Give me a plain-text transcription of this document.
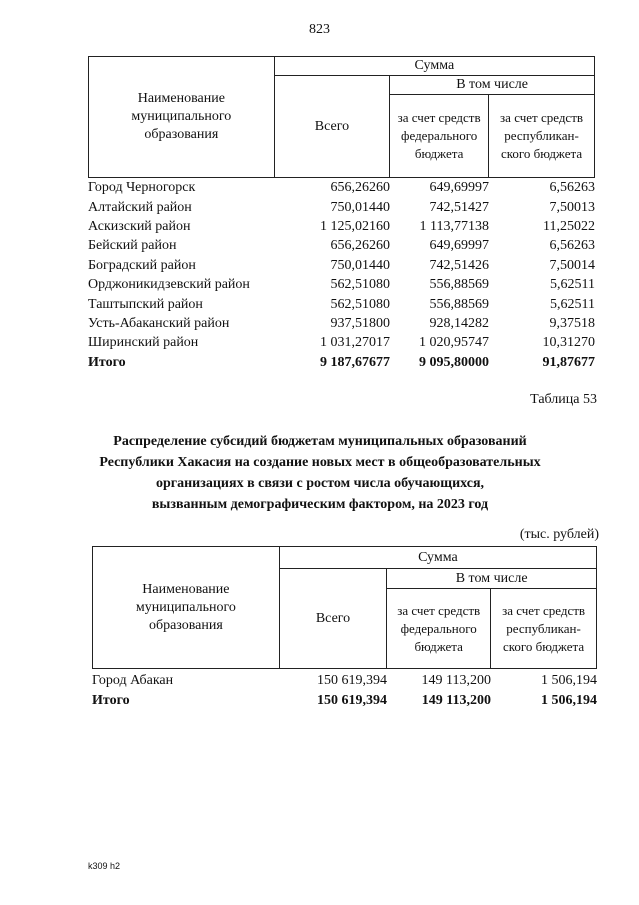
823
Наименование муниципального образования	Сумма		
	Всего	В том числе	
		за счет средств федерального бюджета	за счет средств республикан-ского бюджета
Город Черногорск	656,26260	649,69997	6,56263
Алтайский район	750,01440	742,51427	7,50013
Аскизский район	1 125,02160	1 113,77138	11,25022
Бейский район	656,26260	649,69997	6,56263
Боградский район	750,01440	742,51426	7,50014
Орджоникидзевский район	562,51080	556,88569	5,62511
Таштыпский район	562,51080	556,88569	5,62511
Усть-Абаканский район	937,51800	928,14282	9,37518
Ширинский район	1 031,27017	1 020,95747	10,31270
Итого	9 187,67677	9 095,80000	91,87677
Таблица 53
Распределение субсидий бюджетам муниципальных образований
Республики Хакасия на создание новых мест в общеобразовательных
организациях в связи с ростом числа обучающихся,
вызванным демографическим фактором, на 2023 год
(тыс. рублей)
Наименование муниципального образования	Сумма		
	Всего	В том числе	
		за счет средств федерального бюджета	за счет средств республикан-ского бюджета
Город Абакан	150 619,394	149 113,200	1 506,194
Итого	150 619,394	149 113,200	1 506,194
k309 h2
